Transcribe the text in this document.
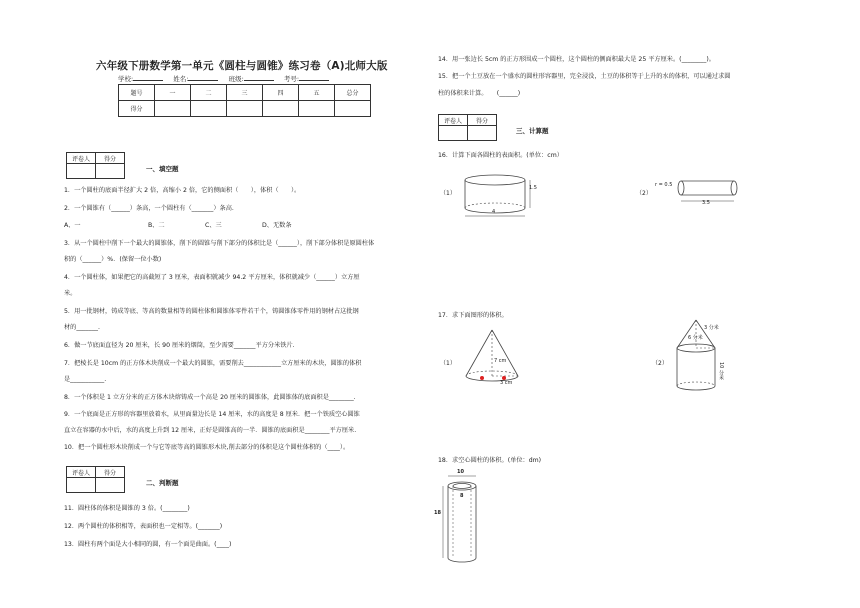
六年级下册数学第一单元《圆柱与圆锥》练习卷（A)北师大版
学校:	姓名:	班级:	考号:
题号	一	二	三	四	五	总分
得分						
评卷人	得分

一、填空题
1．一个圆柱的底面半径扩大 2 倍，高缩小 2 倍，它的侧面积（　　），体积（　　）。
2．一个圆锥有（______）条高，一个圆柱有（_______）条高.
A、一	B、二	C、三	D、无数条
3．从一个圆柱中削下一个最大的圆锥体，削下的圆锥与削下部分的体积比是（______），削下部分体积是原圆柱体
积的（______）%．(保留一位小数)
4．一个圆柱体，如果把它的高截短了 3 厘米，表面积就减少 94.2 平方厘米，体积就减少（______）立方厘
米。
5．用一批钢材，铸成等底、等高的数量相等的圆柱体和圆锥体零件若干个，铸圆锥体零件用的钢材占这批钢
材的_______.
6．做一节底面直径为 20 厘米，长 90 厘米的烟筒，至少需要_______平方分米铁片.
7．把棱长是 10cm 的正方体木块削成一个最大的圆锥，需要削去____________立方厘米的木块，圆锥的体积
是___________.
8．一个体积是 1 立方分米的正方体木块熔铸成一个高是 20 厘米的圆锥体，此圆锥体的底面积是________.
9．一个底面是正方形的容器里放着水，从里面量边长是 14 厘米，水的高度是 8 厘米．把一个铁质空心圆锥
直立在容器的水中后，水的高度上升到 12 厘米，正好是圆锥高的一半．圆锥的底面积是________平方厘米.
10．把一个圆柱形木块削成一个与它等底等高的圆锥形木块,削去部分的体积是这个圆柱体积的（____）。
评卷人	得分

二、判断题
11．圆柱体的体积是圆锥的 3 倍。(________)
12．两个圆柱的体积相等，表面积也一定相等。(_______)
13．圆柱有两个面是大小相同的圆，有一个面是曲面。(____)
14．用一张边长 5cm 的正方形围成一个圆柱，这个圆柱的侧面积最大是 25 平方厘米。(________)。
15．把一个土豆放在一个盛水的圆柱形容器里，完全浸没，土豆的体积等于上升的水的体积，可以通过求圆
柱的体积来计算。　　(______)
评卷人	得分

三、计算题
16．计算下面各圆柱的表面积。(单位：cm）
（1）
1.5
4
（2）
r = 0.5
3.5
17．求下面图形的体积。
（1）	7 cm
3 cm
（2）
3 分米
6 分米
10 分米
18．求空心圆柱的体积。(单位：dm)
10
8
18
